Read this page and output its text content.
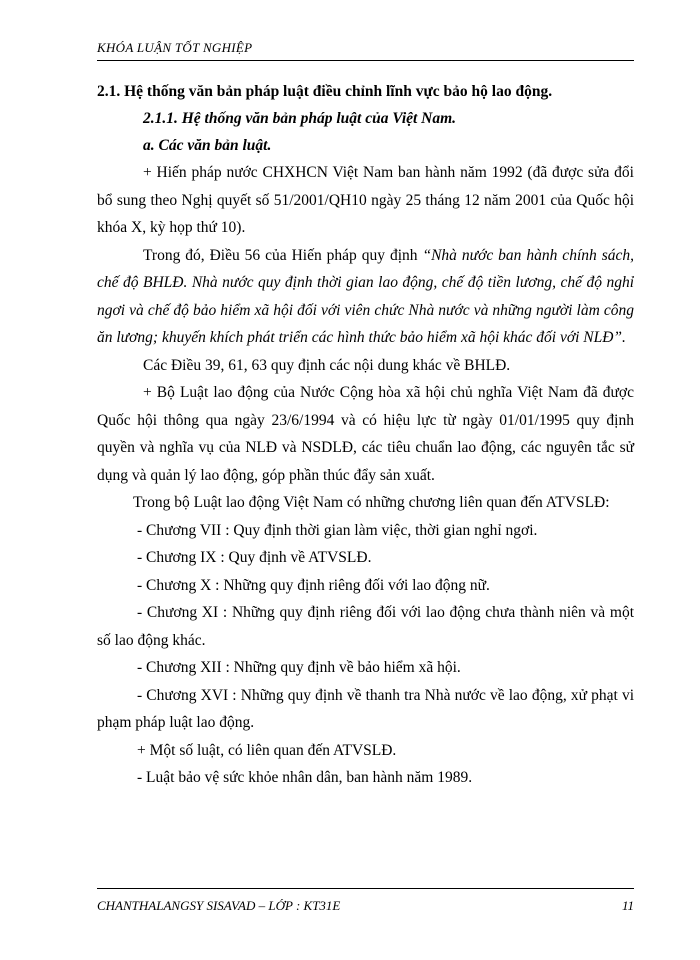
KHÓA LUẬN TỐT NGHIỆP

2.1. Hệ thống văn bản pháp luật điều chỉnh lĩnh vực bảo hộ lao động.

2.1.1. Hệ thống văn bản pháp luật của Việt Nam.

a. Các văn bản luật.

+ Hiến pháp nước CHXHCN Việt Nam ban hành năm 1992 (đã được sửa đổi bổ sung theo Nghị quyết số 51/2001/QH10 ngày 25 tháng 12 năm 2001 của Quốc hội khóa X, kỳ họp thứ 10).

Trong đó, Điều 56 của Hiến pháp quy định “Nhà nước ban hành chính sách, chế độ BHLĐ. Nhà nước quy định thời gian lao động, chế độ tiền lương, chế độ nghỉ ngơi và chế độ bảo hiểm xã hội đối với viên chức Nhà nước và những người làm công ăn lương; khuyến khích phát triển các hình thức bảo hiểm xã hội khác đối với NLĐ”.

Các Điều 39, 61, 63 quy định các nội dung khác về BHLĐ.

+ Bộ Luật lao động của Nước Cộng hòa xã hội chủ nghĩa Việt Nam đã được Quốc hội thông qua ngày 23/6/1994 và có hiệu lực từ ngày 01/01/1995 quy định quyền và nghĩa vụ của NLĐ và NSDLĐ, các tiêu chuẩn lao động, các nguyên tắc sử dụng và quản lý lao động, góp phần thúc đẩy sản xuất.

Trong bộ Luật lao động Việt Nam có những chương liên quan đến ATVSLĐ:

- Chương VII : Quy định thời gian làm việc, thời gian nghỉ ngơi.

- Chương IX : Quy định về ATVSLĐ.

- Chương X : Những quy định riêng đối với lao động nữ.

- Chương XI : Những quy định riêng đối với lao động chưa thành niên và một số lao động khác.

- Chương XII : Những quy định về bảo hiểm xã hội.

- Chương XVI : Những quy định về thanh tra Nhà nước về lao động, xử phạt vi phạm pháp luật lao động.

+ Một số luật, có liên quan đến ATVSLĐ.

- Luật bảo vệ sức khỏe nhân dân, ban hành năm 1989.

CHANTHALANGSY SISAVAD – LỚP : KT31E	11
